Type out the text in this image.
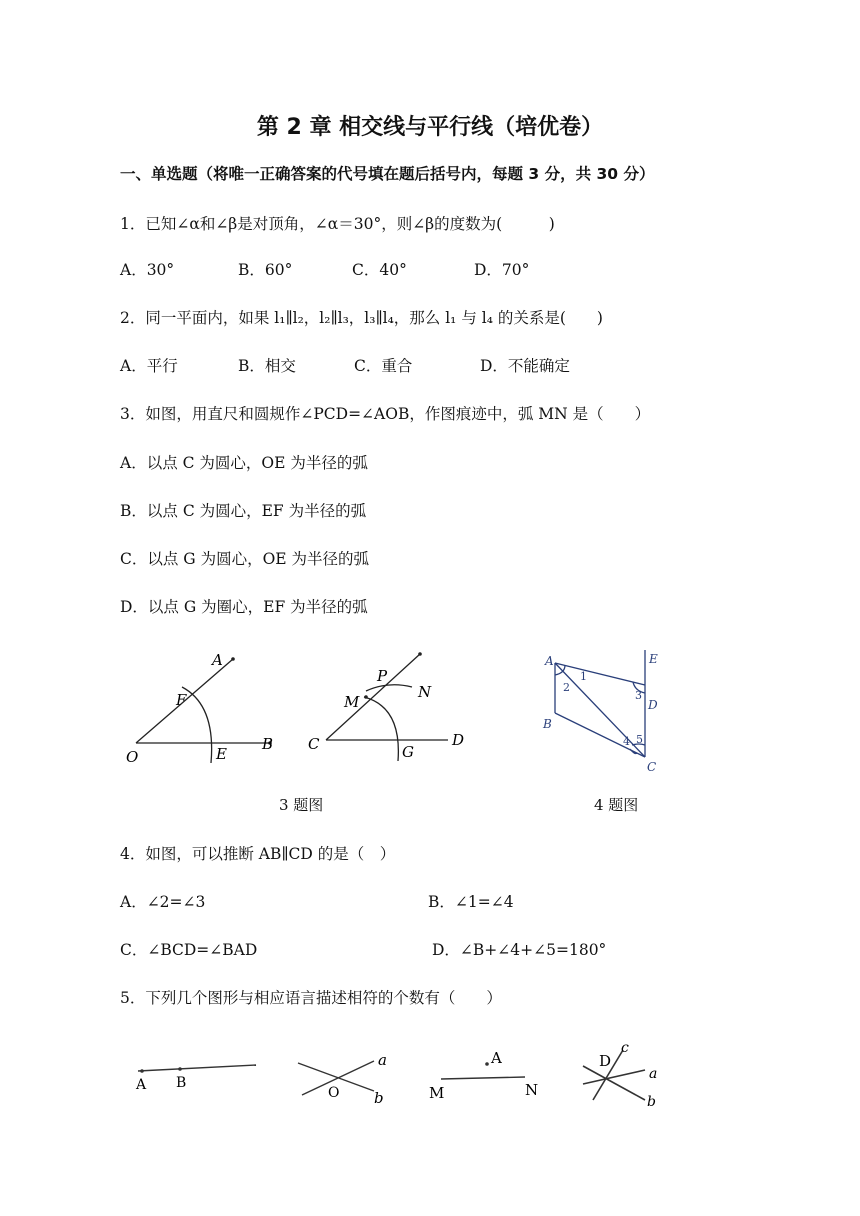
第 2 章 相交线与平行线（培优卷）
一、单选题（将唯一正确答案的代号填在题后括号内，每题 3 分，共 30 分）
1．已知∠α和∠β是对顶角，∠α＝30°，则∠β的度数为(　　　)
A．30°	B．60°	C．40°	D．70°
2．同一平面内，如果 l₁∥l₂，l₂∥l₃，l₃∥l₄，那么 l₁ 与 l₄ 的关系是(　　)
A．平行	B．相交	C．重合	D．不能确定
3．如图，用直尺和圆规作∠PCD=∠AOB，作图痕迹中，弧 MN 是（　　）
A．以点 C 为圆心，OE 为半径的弧
B．以点 C 为圆心，EF 为半径的弧
C．以点 G 为圆心，OE 为半径的弧
D．以点 G 为圈心，EF 为半径的弧
A
F
O	E
B
P
M
N
C	G
D
A	E
1
2
3
D
B
5
4
C
3 题图	4 题图
4．如图，可以推断 AB∥CD 的是（　）
A．∠2=∠3	B．∠1=∠4
C．∠BCD=∠BAD	D．∠B+∠4+∠5=180°
5．下列几个图形与相应语言描述相符的个数有（　　）
A B
a
O b
A
M	N
D
c
a
b
